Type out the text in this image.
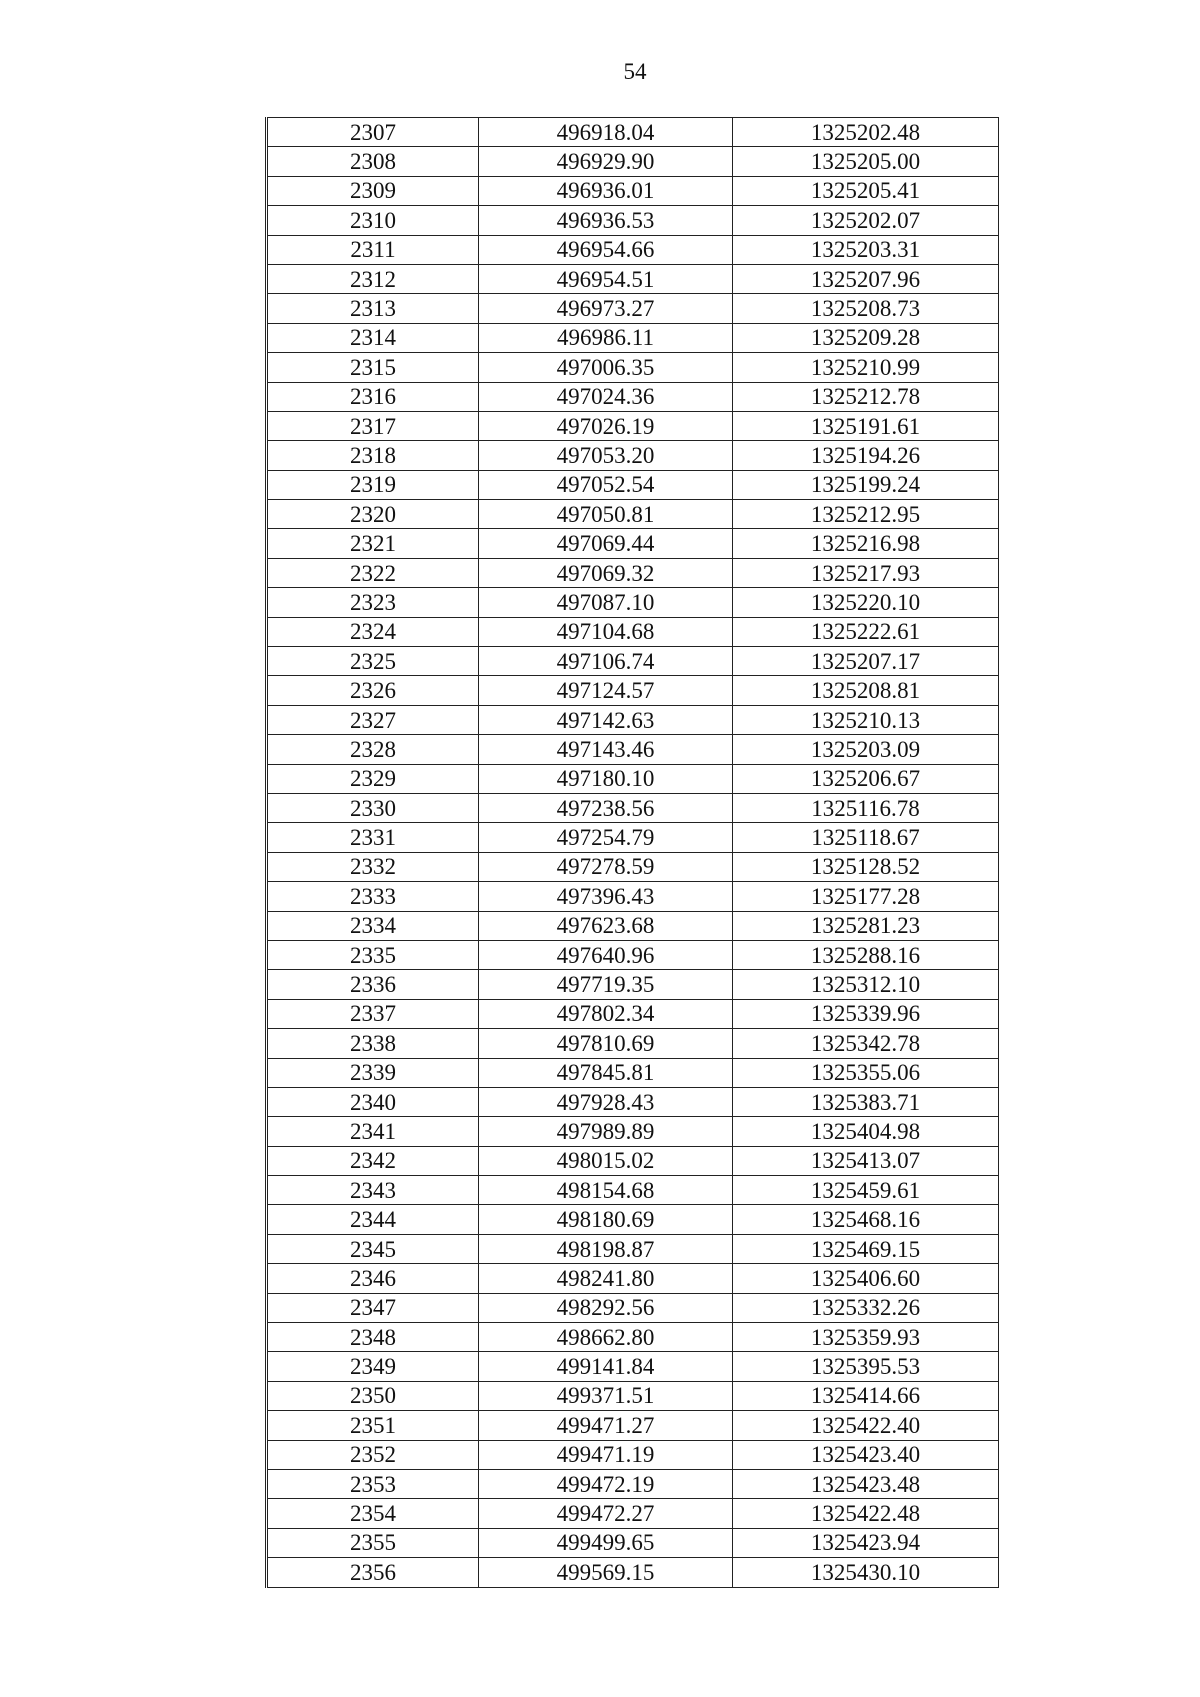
54
2307	496918.04	1325202.48
2308	496929.90	1325205.00
2309	496936.01	1325205.41
2310	496936.53	1325202.07
2311	496954.66	1325203.31
2312	496954.51	1325207.96
2313	496973.27	1325208.73
2314	496986.11	1325209.28
2315	497006.35	1325210.99
2316	497024.36	1325212.78
2317	497026.19	1325191.61
2318	497053.20	1325194.26
2319	497052.54	1325199.24
2320	497050.81	1325212.95
2321	497069.44	1325216.98
2322	497069.32	1325217.93
2323	497087.10	1325220.10
2324	497104.68	1325222.61
2325	497106.74	1325207.17
2326	497124.57	1325208.81
2327	497142.63	1325210.13
2328	497143.46	1325203.09
2329	497180.10	1325206.67
2330	497238.56	1325116.78
2331	497254.79	1325118.67
2332	497278.59	1325128.52
2333	497396.43	1325177.28
2334	497623.68	1325281.23
2335	497640.96	1325288.16
2336	497719.35	1325312.10
2337	497802.34	1325339.96
2338	497810.69	1325342.78
2339	497845.81	1325355.06
2340	497928.43	1325383.71
2341	497989.89	1325404.98
2342	498015.02	1325413.07
2343	498154.68	1325459.61
2344	498180.69	1325468.16
2345	498198.87	1325469.15
2346	498241.80	1325406.60
2347	498292.56	1325332.26
2348	498662.80	1325359.93
2349	499141.84	1325395.53
2350	499371.51	1325414.66
2351	499471.27	1325422.40
2352	499471.19	1325423.40
2353	499472.19	1325423.48
2354	499472.27	1325422.48
2355	499499.65	1325423.94
2356	499569.15	1325430.10
